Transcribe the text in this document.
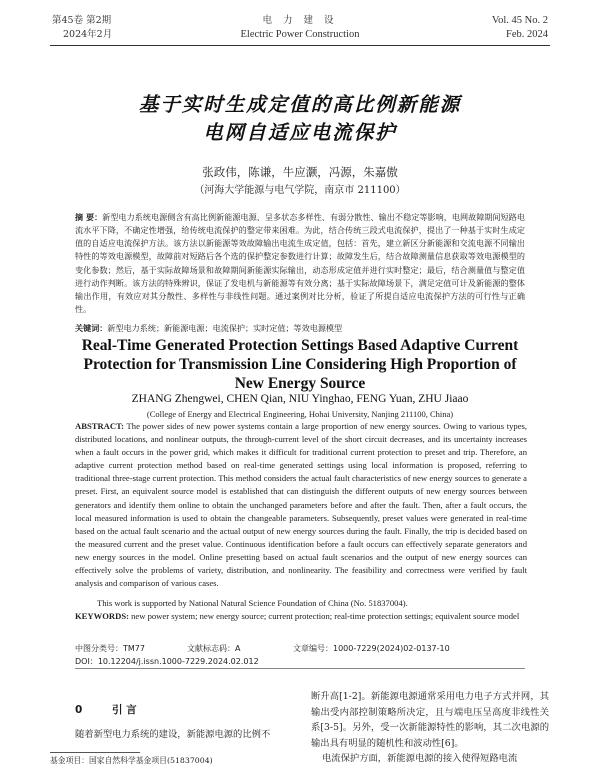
第45卷 第2期
2024年2月
电 力 建 设
Electric Power Construction
Vol. 45 No. 2
Feb. 2024
基于实时生成定值的高比例新能源
电网自适应电流保护
张政伟，陈谦，牛应灏，冯源，朱嘉傲
（河海大学能源与电气学院，南京市 211100）

摘 要：新型电力系统电源侧含有高比例新能源电源、呈多状态多样性、有弱分散性、输出不稳定等影响，电网故障期间短路电流水平下降，不确定性增强，给传统电流保护的整定带来困难。为此，结合传统三段式电流保护，提出了一种基于实时生成定值的自适应电流保护方法。该方法以新能源等效故障输出电流生成定值，包括：首先，建立新区分新能源和交流电源不同输出特性的等效电源模型，故障前对短路后各个选的保护整定参数进行计算；故障发生后，结合故障测量信息获取等效电源模型的变化参数；然后，基于实际故障场景和故障期间新能源实际输出，动态形成定值并进行实时整定；最后，结合测量值与整定值进行动作判断。该方法的特殊辨识，保证了发电机与新能源等有效分离；基于实际故障场景下，满足定值可计及新能源的整体输出作用，有效应对其分散性、多样性与非线性问题。通过案例对比分析，验证了所提自适应电流保护方法的可行性与正确性。

关键词：新型电力系统；新能源电源；电流保护；实时定值；等效电源模型

Real-Time Generated Protection Settings Based Adaptive Current
Protection for Transmission Line Considering High Proportion of
New Energy Source
ZHANG Zhengwei, CHEN Qian, NIU Yinghao, FENG Yuan, ZHU Jiaao
(College of Energy and Electrical Engineering, Hohai University, Nanjing 211100, China)

ABSTRACT: The power sides of new power systems contain a large proportion of new energy sources. Owing to various types, distributed locations, and nonlinear outputs, the through-current level of the short circuit decreases, and its uncertainty increases when a fault occurs in the power grid, which makes it difficult for traditional current protection to preset and trip. Therefore, an adaptive current protection method based on real-time generated settings using local information is proposed, referring to traditional three-stage current protection. This method considers the actual fault characteristics of new energy sources to generate a preset. First, an equivalent source model is established that can distinguish the different outputs of new energy sources between generators and identify them online to obtain the unchanged parameters before and after the fault. Then, after a fault occurs, the local measured information is used to obtain the changeable parameters. Subsequently, preset values were generated in real-time based on the actual fault scenario and the actual output of new energy sources during the fault. Finally, the trip is decided based on the measured current and the preset value. Continuous identification before a fault occurs can effectively separate generators and new energy sources in the model. Online presetting based on actual fault scenarios and the output of new energy sources can effectively solve the problems of variety, distribution, and nonlinearity. The feasibility and correctness were verified by fault analysis and comparison of various cases.

This work is supported by National Natural Science Foundation of China (No. 51837004).

KEYWORDS: new power system; new energy source; current protection; real-time protection settings; equivalent source model

中图分类号：TM77	文献标志码：A	文章编号：1000-7229(2024)02-0137-10
DOI：10.12204/j.issn.1000-7229.2024.02.012
0	引 言

随着新型电力系统的建设，新能源电源的比例不

断升高[1-2]。新能源电源通常采用电力电子方式并网，其输出受内部控制策略所决定，且与端电压呈高度非线性关系[3-5]。另外，受一次新能源特性的影响，其二次电源的输出具有明显的随机性和波动性[6]。

电流保护方面，新能源电源的接入使得短路电流

基金项目：国家自然科学基金项目(51837004)
